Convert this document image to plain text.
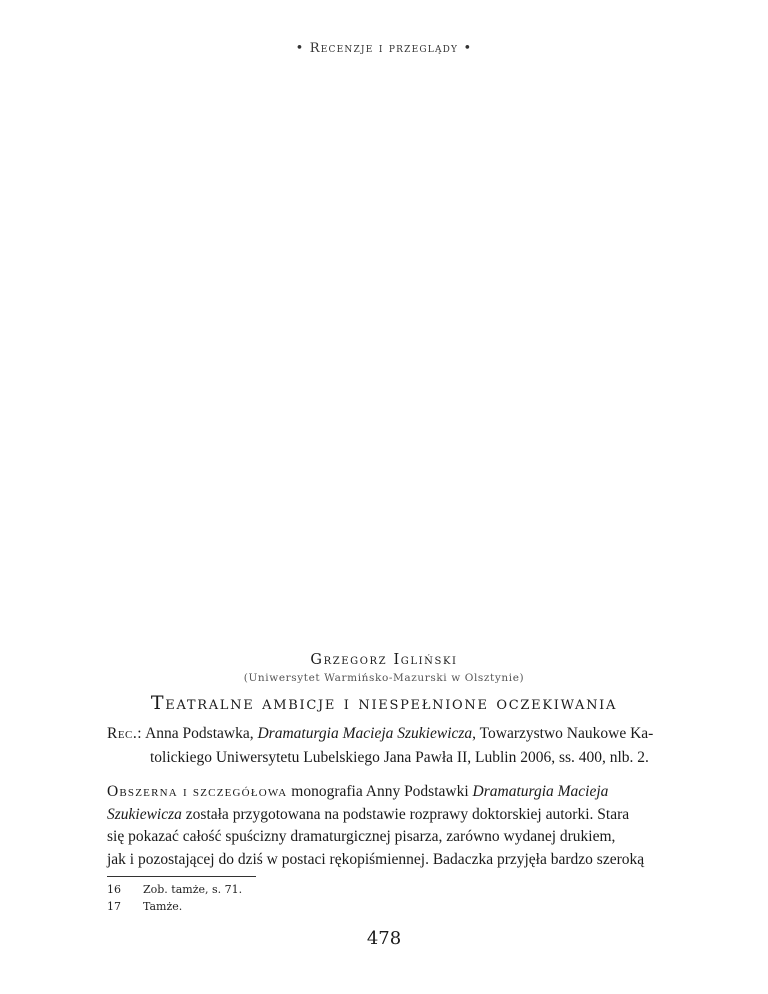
• Recenzje i przeglądy •
Grzegorz Igliński
(Uniwersytet Warmińsko-Mazurski w Olsztynie)
Teatralne ambicje i niespełnione oczekiwania
Rec.: Anna Podstawka, Dramaturgia Macieja Szukiewicza, Towarzystwo Naukowe Ka-
tolickiego Uniwersytetu Lubelskiego Jana Pawła II, Lublin 2006, ss. 400, nlb. 2.
Obszerna i szczegółowa monografia Anny Podstawki Dramaturgia Macieja
Szukiewicza została przygotowana na podstawie rozprawy doktorskiej autorki. Stara
się pokazać całość spuścizny dramaturgicznej pisarza, zarówno wydanej drukiem,
jak i pozostającej do dziś w postaci rękopiśmiennej. Badaczka przyjęła bardzo szeroką
16 Zob. tamże, s. 71.
17 Tamże.
478
